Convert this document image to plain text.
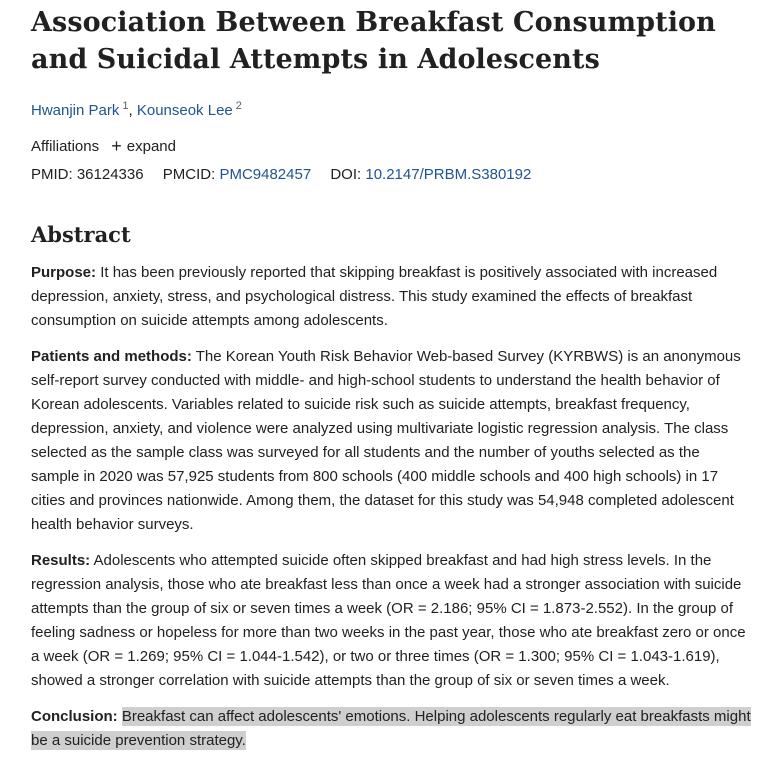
Association Between Breakfast Consumption and Suicidal Attempts in Adolescents
Hwanjin Park $^1$, Kounseok Lee $^2$
Affiliations + expand
PMID: 36124336 PMCID: PMC9482457 DOI: 10.2147/PRBM.S380192
Abstract

Purpose: It has been previously reported that skipping breakfast is positively associated with increased depression, anxiety, stress, and psychological distress. This study examined the effects of breakfast consumption on suicide attempts among adolescents.

Patients and methods: The Korean Youth Risk Behavior Web-based Survey (KYRBWS) is an anonymous self-report survey conducted with middle- and high-school students to understand the health behavior of Korean adolescents. Variables related to suicide risk such as suicide attempts, breakfast frequency, depression, anxiety, and violence were analyzed using multivariate logistic regression analysis. The class selected as the sample class was surveyed for all students and the number of youths selected as the sample in 2020 was 57,925 students from 800 schools (400 middle schools and 400 high schools) in 17 cities and provinces nationwide. Among them, the dataset for this study was 54,948 completed adolescent health behavior surveys.

Results: Adolescents who attempted suicide often skipped breakfast and had high stress levels. In the regression analysis, those who ate breakfast less than once a week had a stronger association with suicide attempts than the group of six or seven times a week (OR = 2.186; 95% CI = 1.873-2.552). In the group of feeling sadness or hopeless for more than two weeks in the past year, those who ate breakfast zero or once a week (OR = 1.269; 95% CI = 1.044-1.542), or two or three times (OR = 1.300; 95% CI = 1.043-1.619), showed a stronger correlation with suicide attempts than the group of six or seven times a week.

Conclusion: Breakfast can affect adolescents' emotions. Helping adolescents regularly eat breakfasts might be a suicide prevention strategy.
